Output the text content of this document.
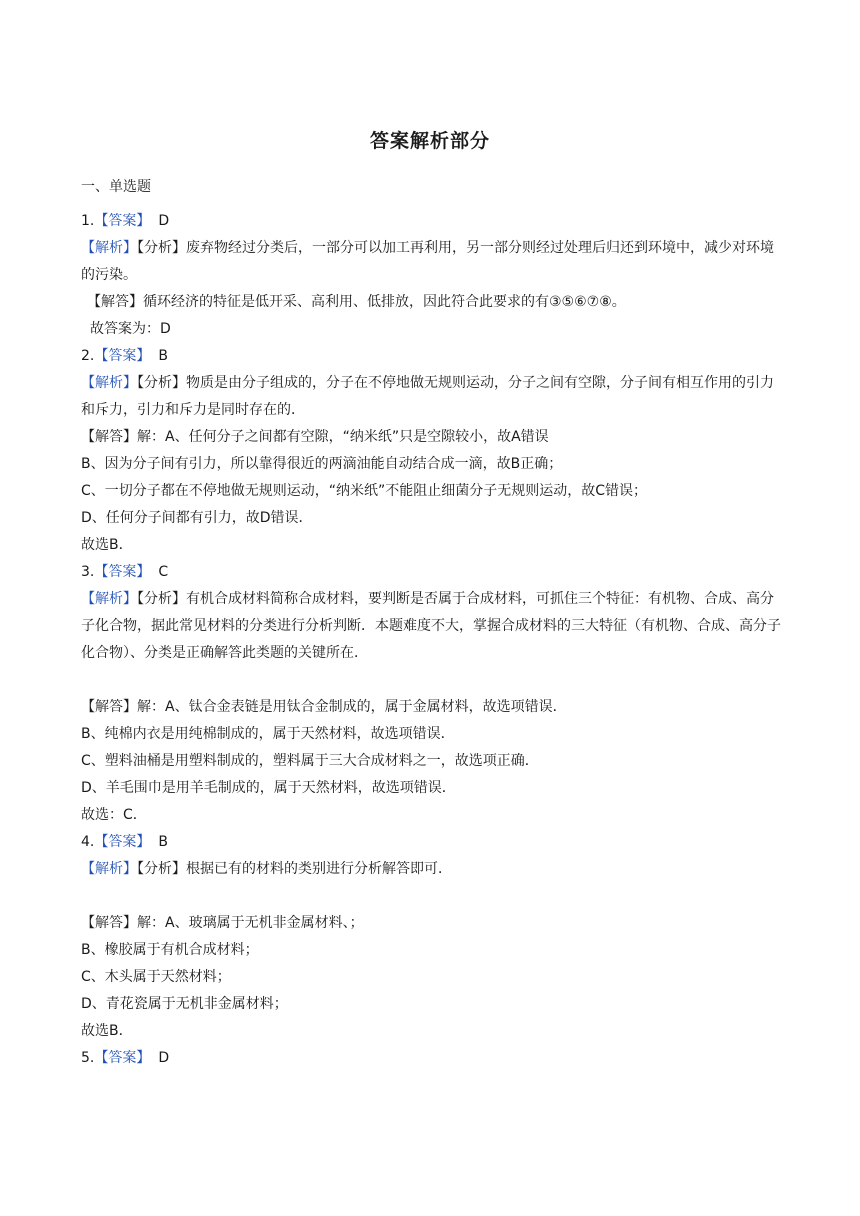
答案解析部分
一、单选题
1.【答案】 D
【解析】【分析】废弃物经过分类后，一部分可以加工再利用，另一部分则经过处理后归还到环境中，减少对环境的污染。
【解答】循环经济的特征是低开采、高利用、低排放，因此符合此要求的有③⑤⑥⑦⑧。
故答案为：D
2.【答案】 B
【解析】【分析】物质是由分子组成的，分子在不停地做无规则运动，分子之间有空隙，分子间有相互作用的引力和斥力，引力和斥力是同时存在的．
【解答】解：A、任何分子之间都有空隙，“纳米纸”只是空隙较小，故A错误
B、因为分子间有引力，所以靠得很近的两滴油能自动结合成一滴，故B正确；
C、一切分子都在不停地做无规则运动，“纳米纸”不能阻止细菌分子无规则运动，故C错误；
D、任何分子间都有引力，故D错误．
故选B．
3.【答案】 C
【解析】【分析】有机合成材料简称合成材料，要判断是否属于合成材料，可抓住三个特征：有机物、合成、高分子化合物，据此常见材料的分类进行分析判断．本题难度不大，掌握合成材料的三大特征（有机物、合成、高分子化合物）、分类是正确解答此类题的关键所在．
【解答】解：A、钛合金表链是用钛合金制成的，属于金属材料，故选项错误．
B、纯棉内衣是用纯棉制成的，属于天然材料，故选项错误．
C、塑料油桶是用塑料制成的，塑料属于三大合成材料之一，故选项正确．
D、羊毛围巾是用羊毛制成的，属于天然材料，故选项错误．
故选：C．
4.【答案】 B
【解析】【分析】根据已有的材料的类别进行分析解答即可．
【解答】解：A、玻璃属于无机非金属材料、；
B、橡胶属于有机合成材料；
C、木头属于天然材料；
D、青花瓷属于无机非金属材料；
故选B．
5.【答案】 D
